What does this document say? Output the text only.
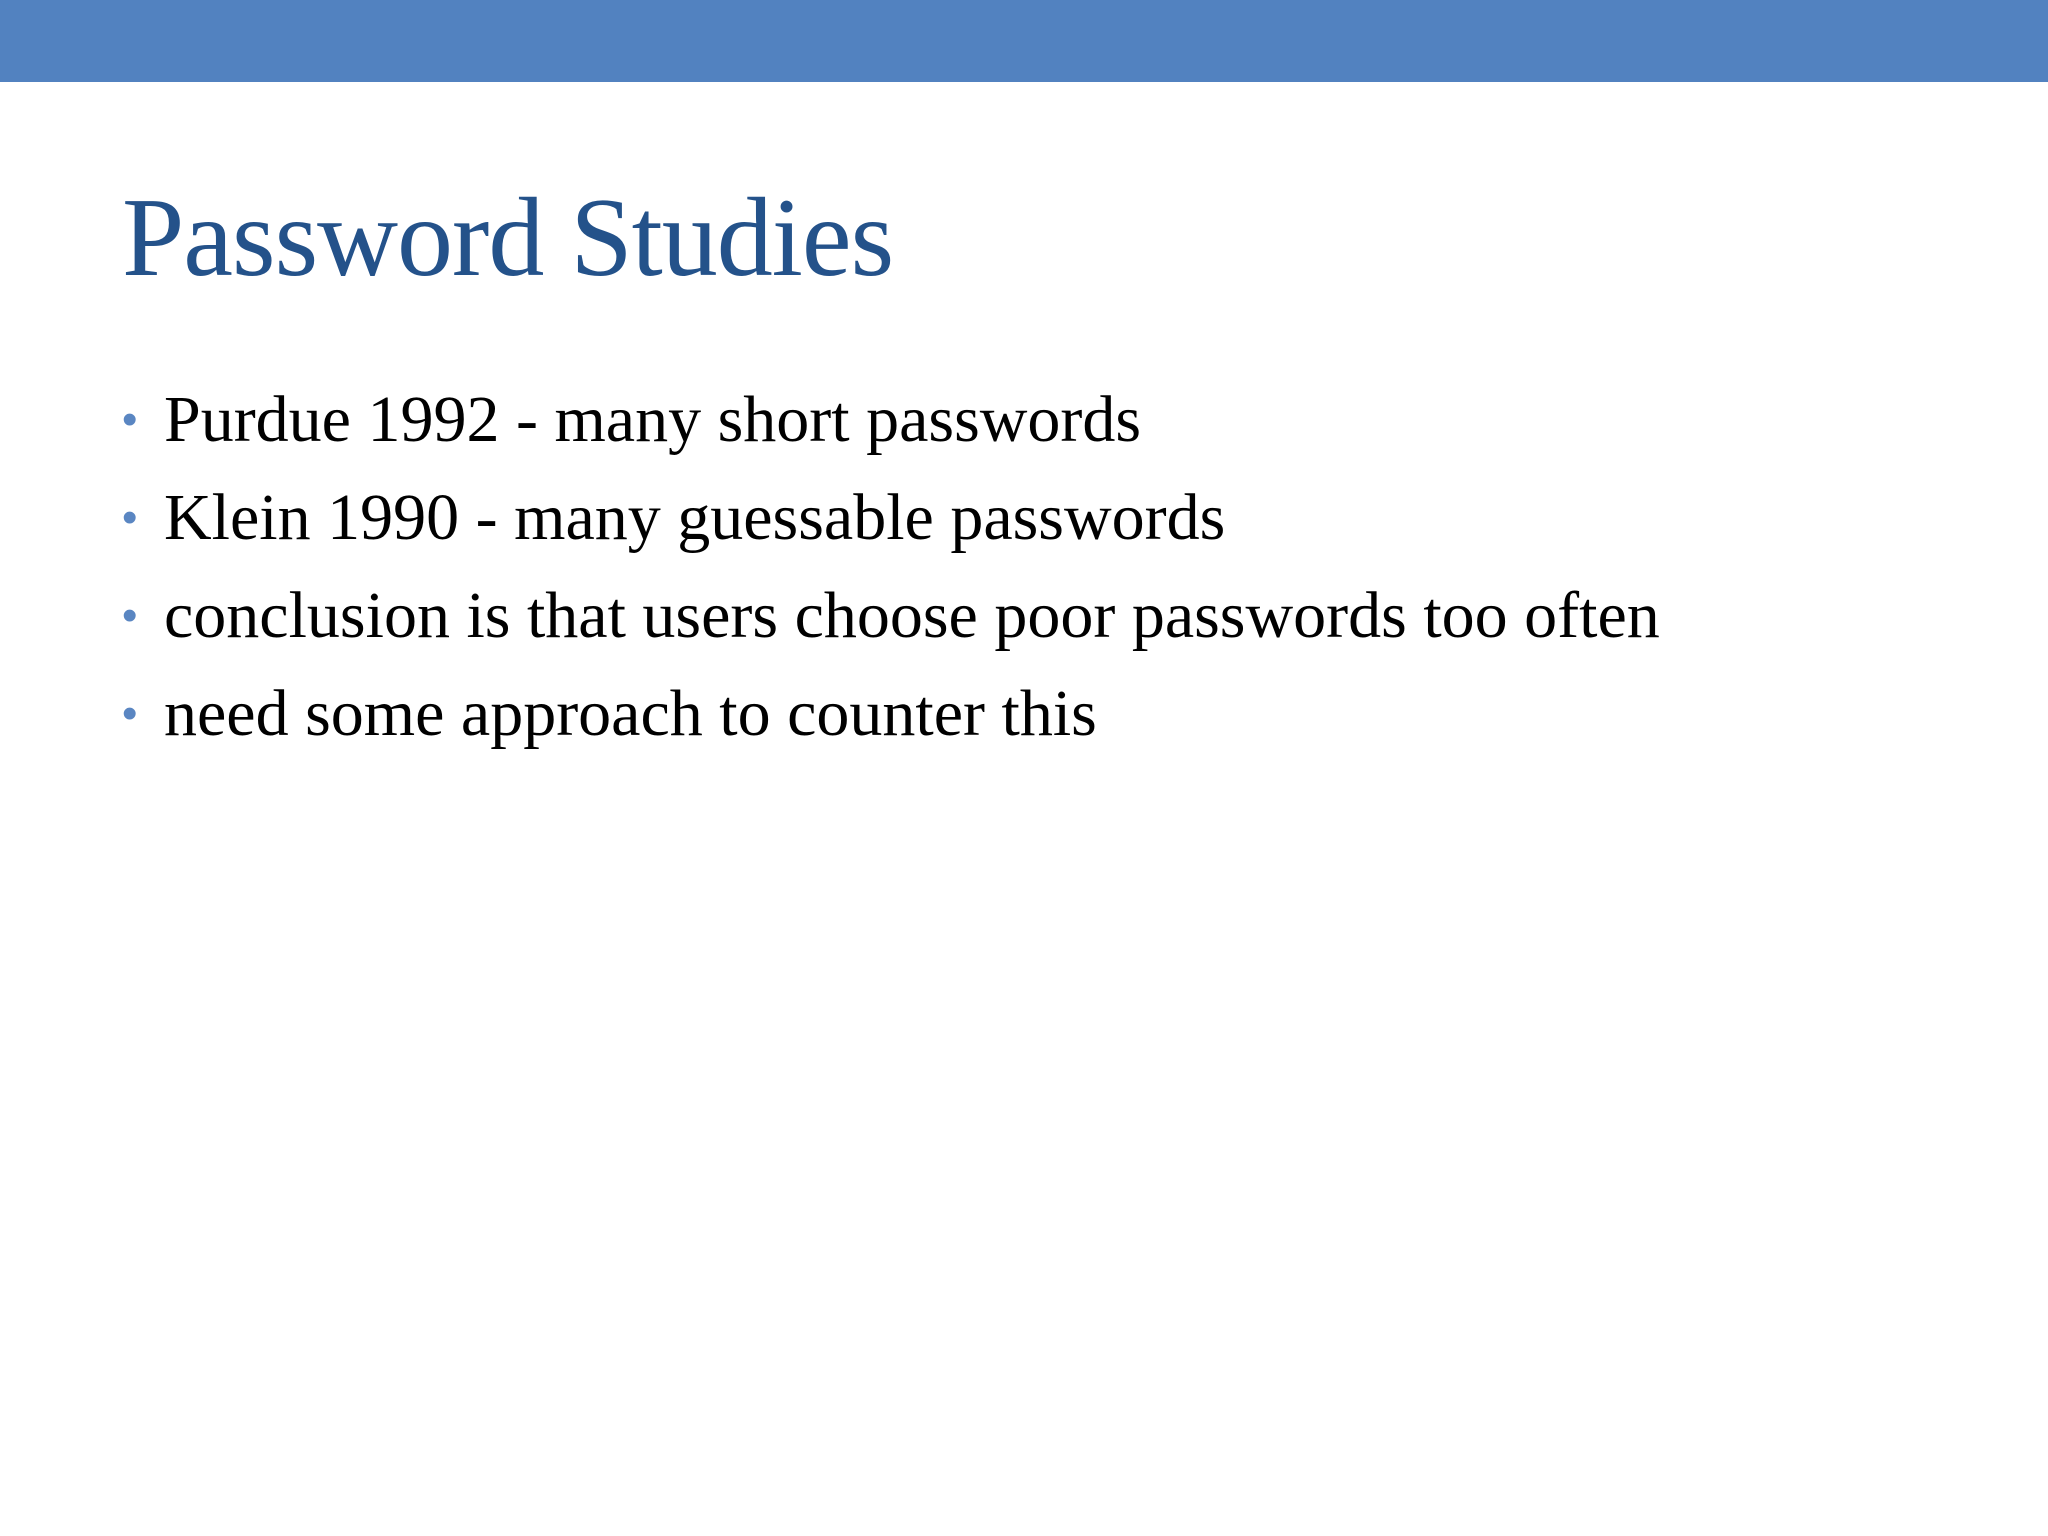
Password Studies
• Purdue 1992 - many short passwords
• Klein 1990 - many guessable passwords
• conclusion is that users choose poor passwords too often
• need some approach to counter this
